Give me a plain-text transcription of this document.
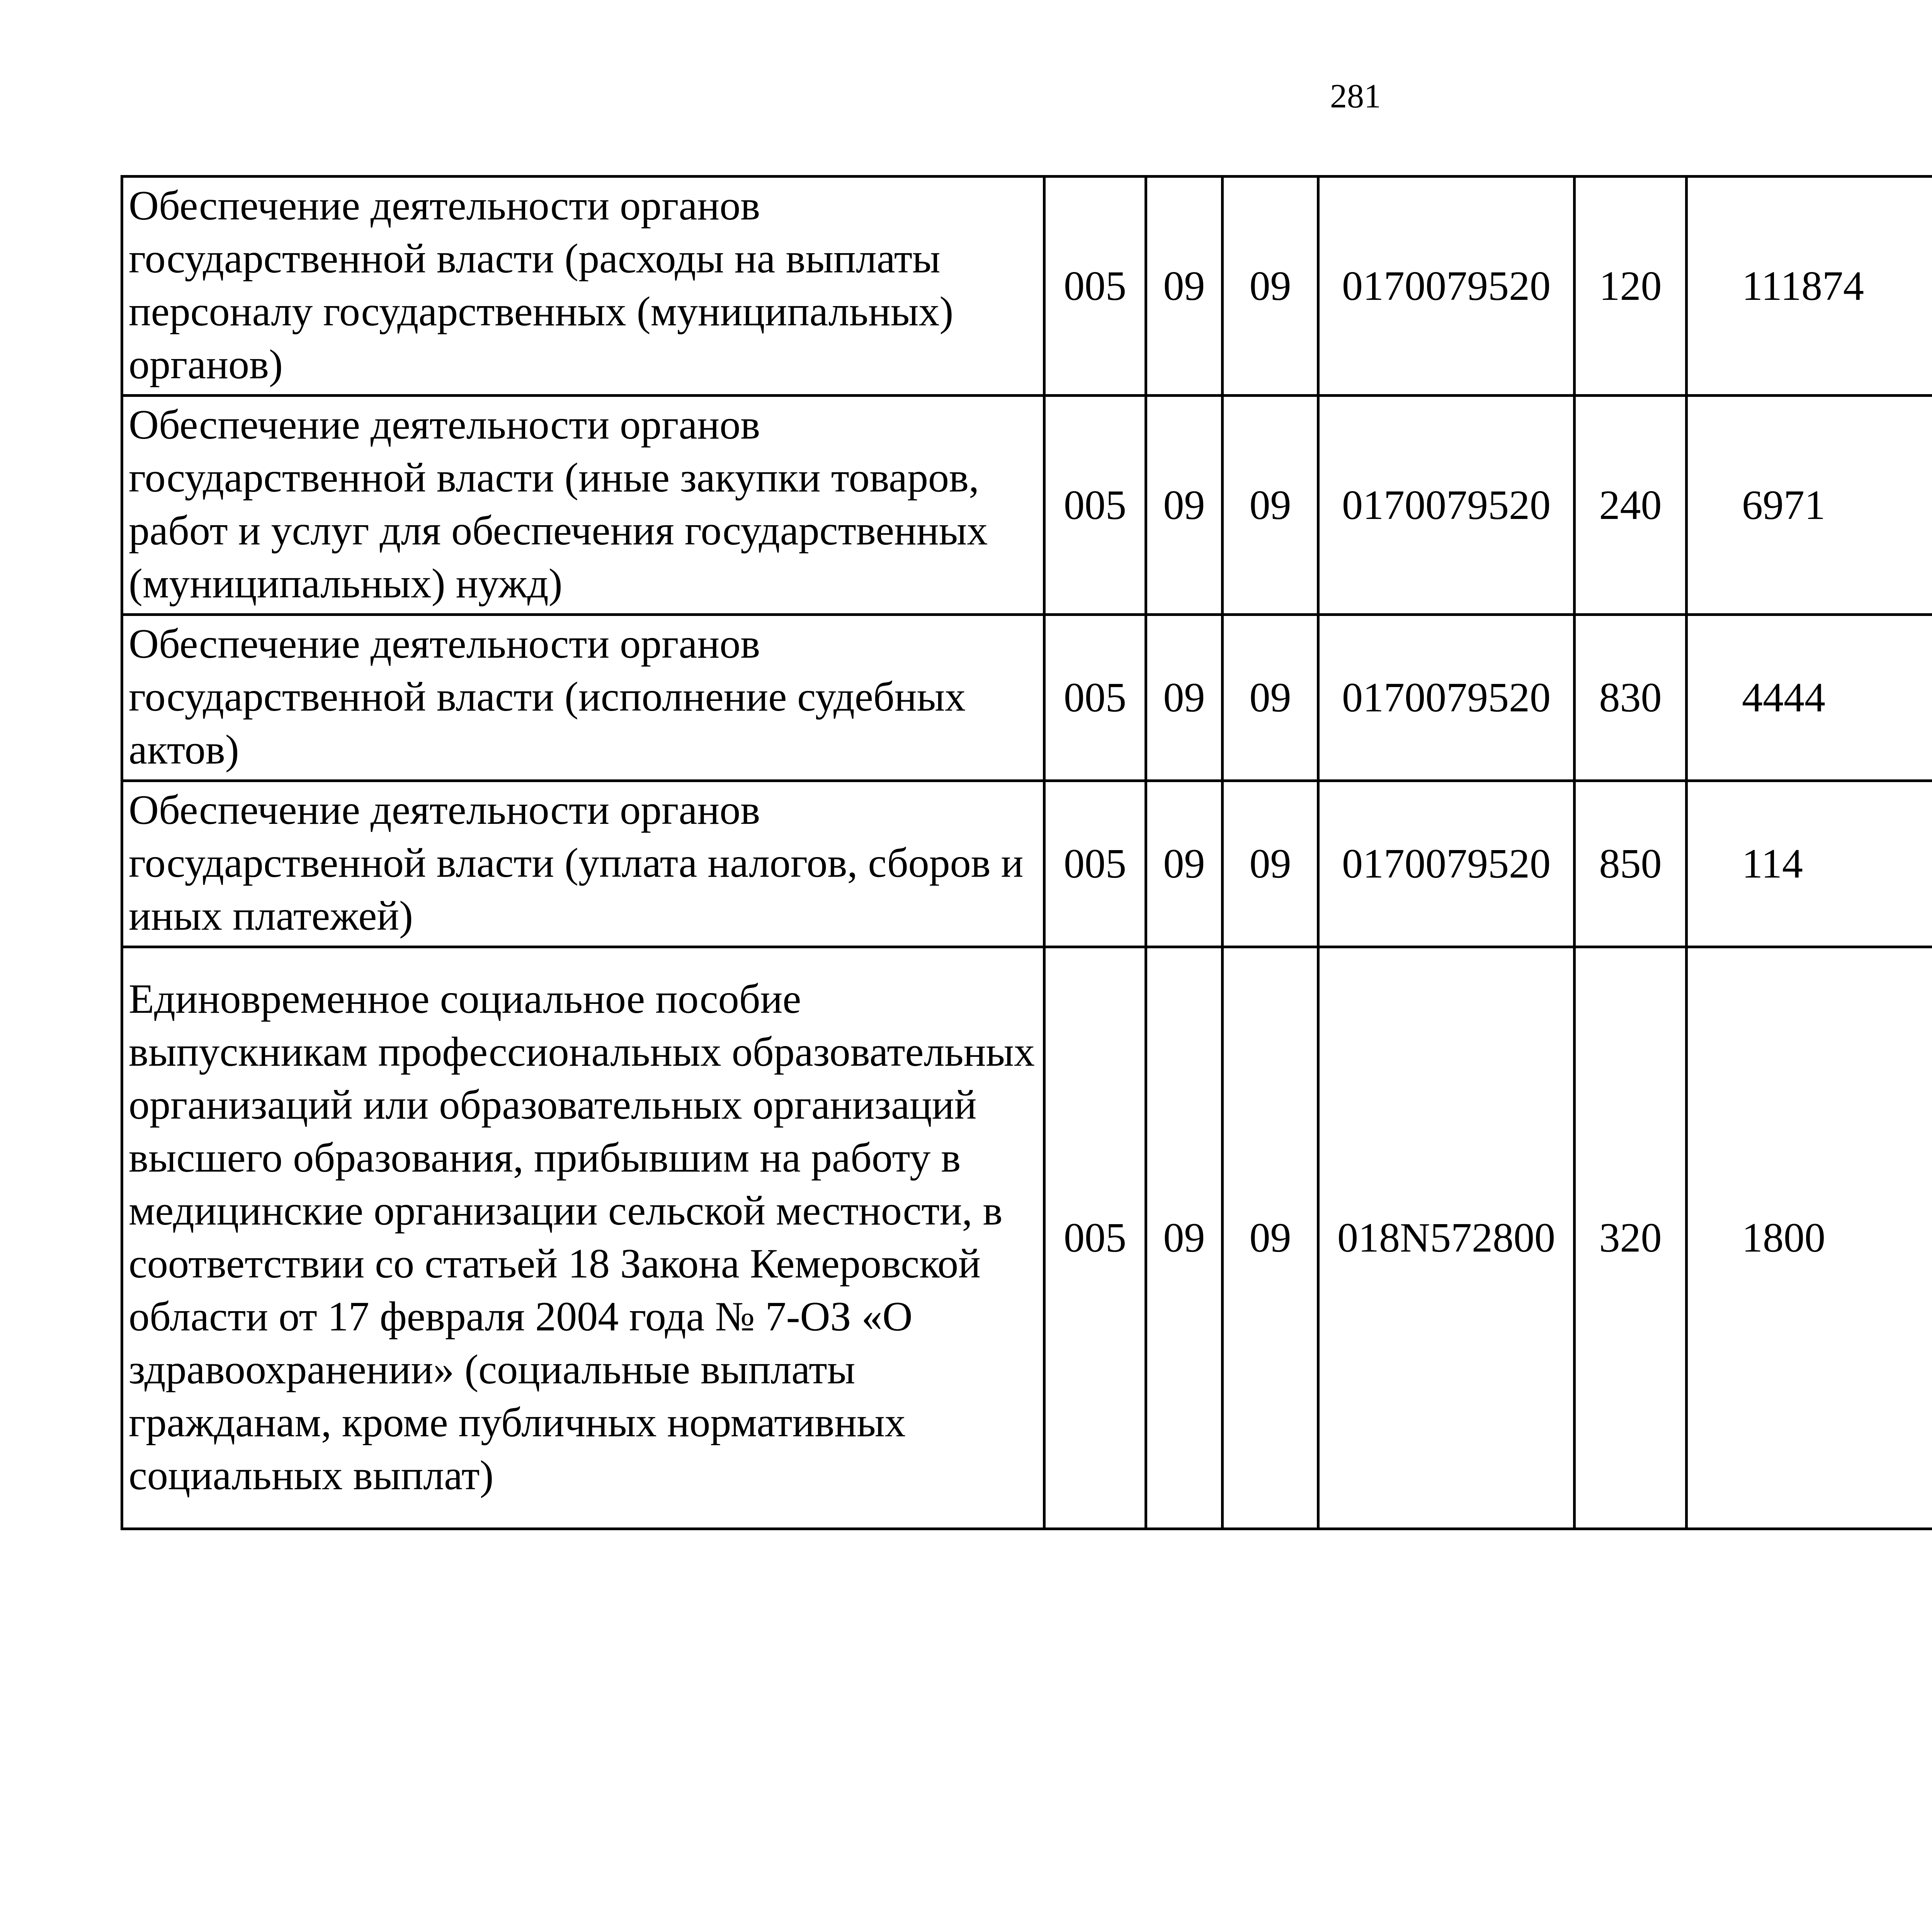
281
Обеспечение деятельности органов государственной власти (расходы на выплаты персоналу государственных (муниципальных) органов)	005	09	09	0170079520	120	111874		
Обеспечение деятельности органов государственной власти (иные закупки товаров, работ и услуг для обеспечения государственных (муниципальных) нужд)	005	09	09	0170079520	240	6971		
Обеспечение деятельности органов государственной власти (исполнение судебных актов)	005	09	09	0170079520	830	4444		
Обеспечение деятельности органов государственной власти (уплата налогов, сборов и иных платежей)	005	09	09	0170079520	850	114		
Единовременное социальное пособие выпускникам профессиональных образовательных организаций или образовательных организаций высшего образования, прибывшим на работу в медицинские организации сельской местности, в соответствии со статьей 18 Закона Кемеровской области от 17 февраля 2004 года № 7-ОЗ «О здравоохранении» (социальные выплаты гражданам, кроме публичных нормативных социальных выплат)	005	09	09	018N572800	320	1800		
